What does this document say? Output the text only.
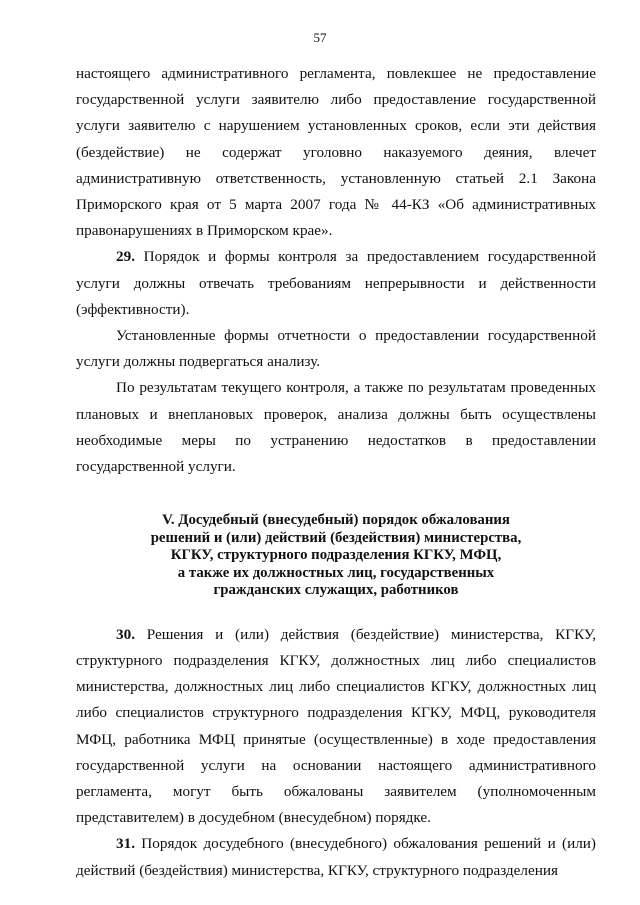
57

настоящего административного регламента, повлекшее не предоставление государственной услуги заявителю либо предоставление государственной услуги заявителю с нарушением установленных сроков, если эти действия (бездействие) не содержат уголовно наказуемого деяния, влечет административную ответственность, установленную статьей 2.1 Закона Приморского края от 5 марта 2007 года № 44-КЗ «Об административных правонарушениях в Приморском крае».

29. Порядок и формы контроля за предоставлением государственной услуги должны отвечать требованиям непрерывности и действенности (эффективности).

Установленные формы отчетности о предоставлении государственной услуги должны подвергаться анализу.

По результатам текущего контроля, а также по результатам проведенных плановых и внеплановых проверок, анализа должны быть осуществлены необходимые меры по устранению недостатков в предоставлении государственной услуги.

V. Досудебный (внесудебный) порядок обжалования
решений и (или) действий (бездействия) министерства,
КГКУ, структурного подразделения КГКУ, МФЦ,
а также их должностных лиц, государственных
гражданских служащих, работников

30. Решения и (или) действия (бездействие) министерства, КГКУ, структурного подразделения КГКУ, должностных лиц либо специалистов министерства, должностных лиц либо специалистов КГКУ, должностных лиц либо специалистов структурного подразделения КГКУ, МФЦ, руководителя МФЦ, работника МФЦ принятые (осуществленные) в ходе предоставления государственной услуги на основании настоящего административного регламента, могут быть обжалованы заявителем (уполномоченным представителем) в досудебном (внесудебном) порядке.

31. Порядок досудебного (внесудебного) обжалования решений и (или) действий (бездействия) министерства, КГКУ, структурного подразделения
